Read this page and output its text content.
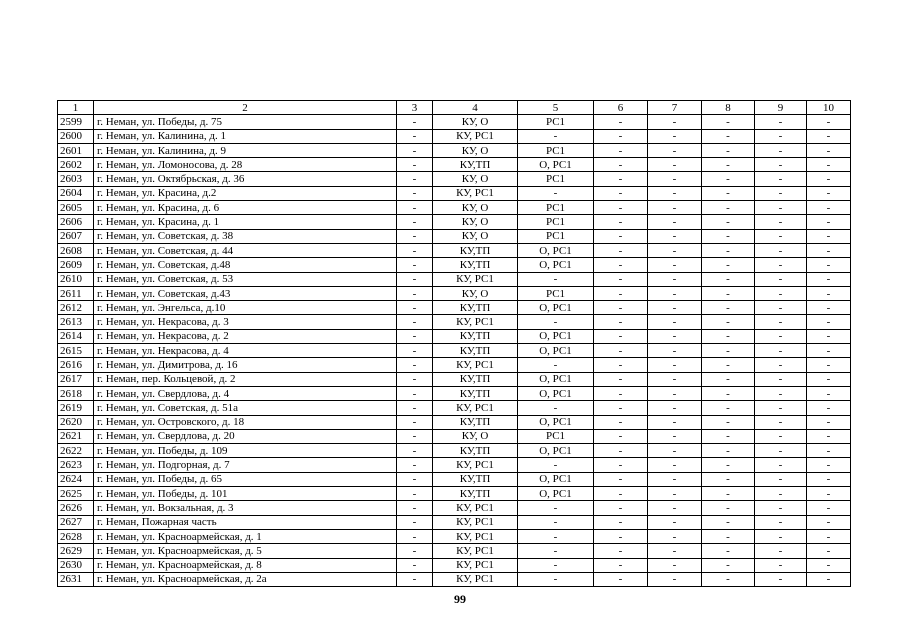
1	2	3	4	5	6	7	8	9	10
2599	г. Неман, ул. Победы, д. 75	-	КУ, О	РС1	-	-	-	-	-
2600	г. Неман, ул. Калинина, д. 1	-	КУ, РС1	-	-	-	-	-	-
2601	г. Неман, ул. Калинина, д. 9	-	КУ, О	РС1	-	-	-	-	-
2602	г. Неман, ул. Ломоносова, д. 28	-	КУ,ТП	О, РС1	-	-	-	-	-
2603	г. Неман, ул. Октябрьская, д. 36	-	КУ, О	РС1	-	-	-	-	-
2604	г. Неман, ул. Красина, д.2	-	КУ, РС1	-	-	-	-	-	-
2605	г. Неман, ул. Красина, д. 6	-	КУ, О	РС1	-	-	-	-	-
2606	г. Неман, ул. Красина, д. 1	-	КУ, О	РС1	-	-	-	-	-
2607	г. Неман, ул. Советская, д. 38	-	КУ, О	РС1	-	-	-	-	-
2608	г. Неман, ул. Советская, д. 44	-	КУ,ТП	О, РС1	-	-	-	-	-
2609	г. Неман, ул. Советская, д.48	-	КУ,ТП	О, РС1	-	-	-	-	-
2610	г. Неман, ул. Советская, д. 53	-	КУ, РС1	-	-	-	-	-	-
2611	г. Неман, ул. Советская, д.43	-	КУ, О	РС1	-	-	-	-	-
2612	г. Неман, ул. Энгельса, д.10	-	КУ,ТП	О, РС1	-	-	-	-	-
2613	г. Неман, ул. Некрасова, д. 3	-	КУ, РС1	-	-	-	-	-	-
2614	г. Неман, ул. Некрасова, д. 2	-	КУ,ТП	О, РС1	-	-	-	-	-
2615	г. Неман, ул. Некрасова, д. 4	-	КУ,ТП	О, РС1	-	-	-	-	-
2616	г. Неман, ул. Димитрова, д. 16	-	КУ, РС1	-	-	-	-	-	-
2617	г. Неман, пер. Кольцевой, д. 2	-	КУ,ТП	О, РС1	-	-	-	-	-
2618	г. Неман, ул. Свердлова, д. 4	-	КУ,ТП	О, РС1	-	-	-	-	-
2619	г. Неман, ул. Советская, д. 51а	-	КУ, РС1	-	-	-	-	-	-
2620	г. Неман, ул. Островского, д. 18	-	КУ,ТП	О, РС1	-	-	-	-	-
2621	г. Неман, ул. Свердлова, д. 20	-	КУ, О	РС1	-	-	-	-	-
2622	г. Неман, ул. Победы, д. 109	-	КУ,ТП	О, РС1	-	-	-	-	-
2623	г. Неман, ул. Подгорная, д. 7	-	КУ, РС1	-	-	-	-	-	-
2624	г. Неман, ул. Победы, д. 65	-	КУ,ТП	О, РС1	-	-	-	-	-
2625	г. Неман, ул. Победы, д. 101	-	КУ,ТП	О, РС1	-	-	-	-	-
2626	г. Неман, ул. Вокзальная, д. 3	-	КУ, РС1	-	-	-	-	-	-
2627	г. Неман, Пожарная часть	-	КУ, РС1	-	-	-	-	-	-
2628	г. Неман, ул. Красноармейская, д. 1	-	КУ, РС1	-	-	-	-	-	-
2629	г. Неман, ул. Красноармейская, д. 5	-	КУ, РС1	-	-	-	-	-	-
2630	г. Неман, ул. Красноармейская, д. 8	-	КУ, РС1	-	-	-	-	-	-
2631	г. Неман, ул. Красноармейская, д. 2а	-	КУ, РС1	-	-	-	-	-	-
99
